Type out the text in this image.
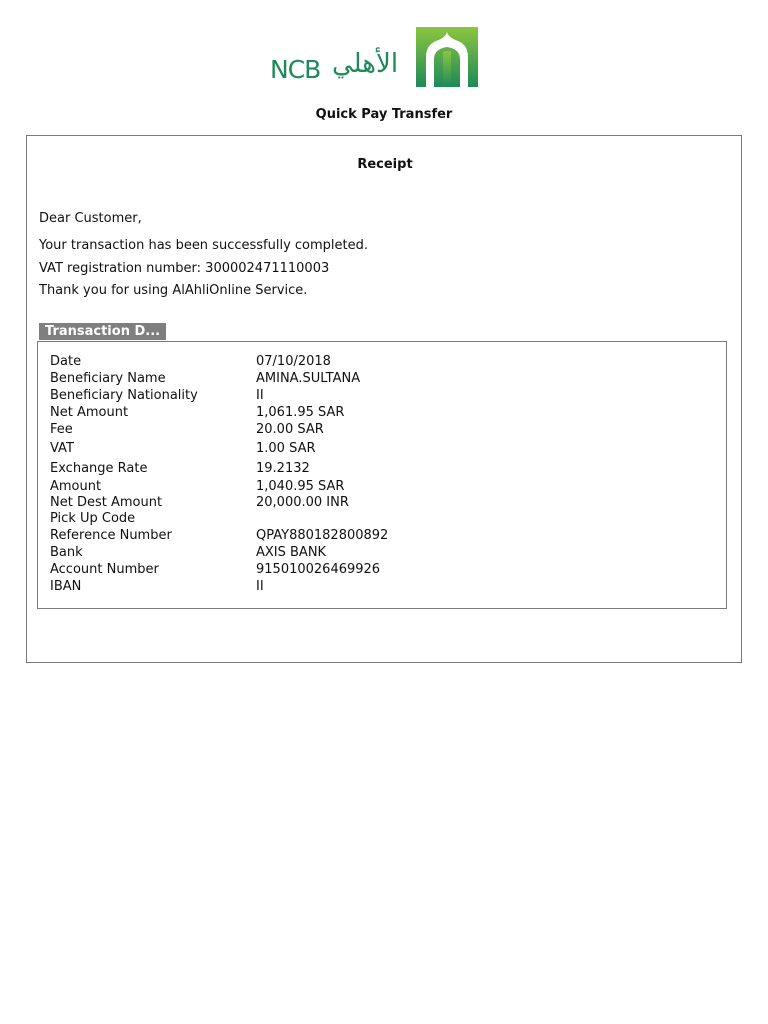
NCB الأهلي
Quick Pay Transfer
Receipt
Dear Customer,
Your transaction has been successfully completed.
VAT registration number: 300002471110003
Thank you for using AlAhliOnline Service.
Transaction D...
Date	07/10/2018
Beneficiary Name	AMINA.SULTANA
Beneficiary Nationality	II
Net Amount	1,061.95 SAR
Fee	20.00 SAR
VAT	1.00 SAR
Exchange Rate	19.2132
Amount	1,040.95 SAR
Net Dest Amount	20,000.00 INR
Pick Up Code
Reference Number	QPAY880182800892
Bank	AXIS BANK
Account Number	915010026469926
IBAN	II
